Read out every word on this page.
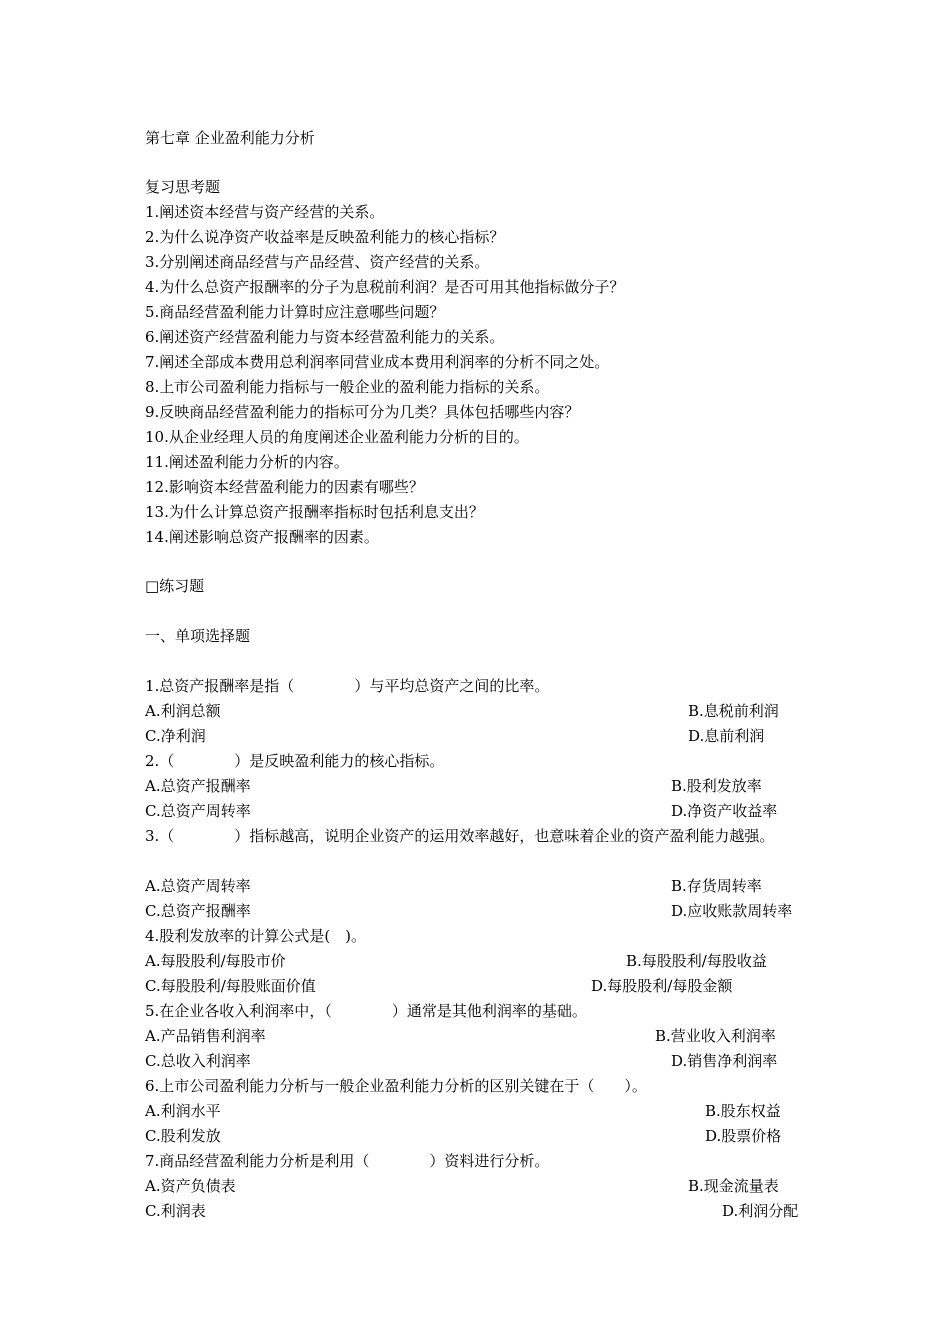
第七章 企业盈利能力分析
复习思考题
1.阐述资本经营与资产经营的关系。
2.为什么说净资产收益率是反映盈利能力的核心指标？
3.分别阐述商品经营与产品经营、资产经营的关系。
4.为什么总资产报酬率的分子为息税前利润？是否可用其他指标做分子？
5.商品经营盈利能力计算时应注意哪些问题？
6.阐述资产经营盈利能力与资本经营盈利能力的关系。
7.阐述全部成本费用总利润率同营业成本费用利润率的分析不同之处。
8.上市公司盈利能力指标与一般企业的盈利能力指标的关系。
9.反映商品经营盈利能力的指标可分为几类？具体包括哪些内容？
10.从企业经理人员的角度阐述企业盈利能力分析的目的。
11.阐述盈利能力分析的内容。
12.影响资本经营盈利能力的因素有哪些？
13.为什么计算总资产报酬率指标时包括利息支出？
14.阐述影响总资产报酬率的因素。
□练习题
一、单项选择题
1.总资产报酬率是指（　　　　）与平均总资产之间的比率。
A.利润总额	B.息税前利润
C.净利润	D.息前利润
2.（　　　　）是反映盈利能力的核心指标。
A.总资产报酬率	B.股利发放率
C.总资产周转率	D.净资产收益率
3.（　　　　）指标越高，说明企业资产的运用效率越好，也意味着企业的资产盈利能力越强。
A.总资产周转率	B.存货周转率
C.总资产报酬率	D.应收账款周转率
4.股利发放率的计算公式是(　)。
A.每股股利/每股市价	B.每股股利/每股收益
C.每股股利/每股账面价值	D.每股股利/每股金额
5.在企业各收入利润率中，（　　　　）通常是其他利润率的基础。
A.产品销售利润率	B.营业收入利润率
C.总收入利润率	D.销售净利润率
6.上市公司盈利能力分析与一般企业盈利能力分析的区别关键在于（　　）。
A.利润水平	B.股东权益
C.股利发放	D.股票价格
7.商品经营盈利能力分析是利用（　　　　）资料进行分析。
A.资产负债表	B.现金流量表
C.利润表	D.利润分配
